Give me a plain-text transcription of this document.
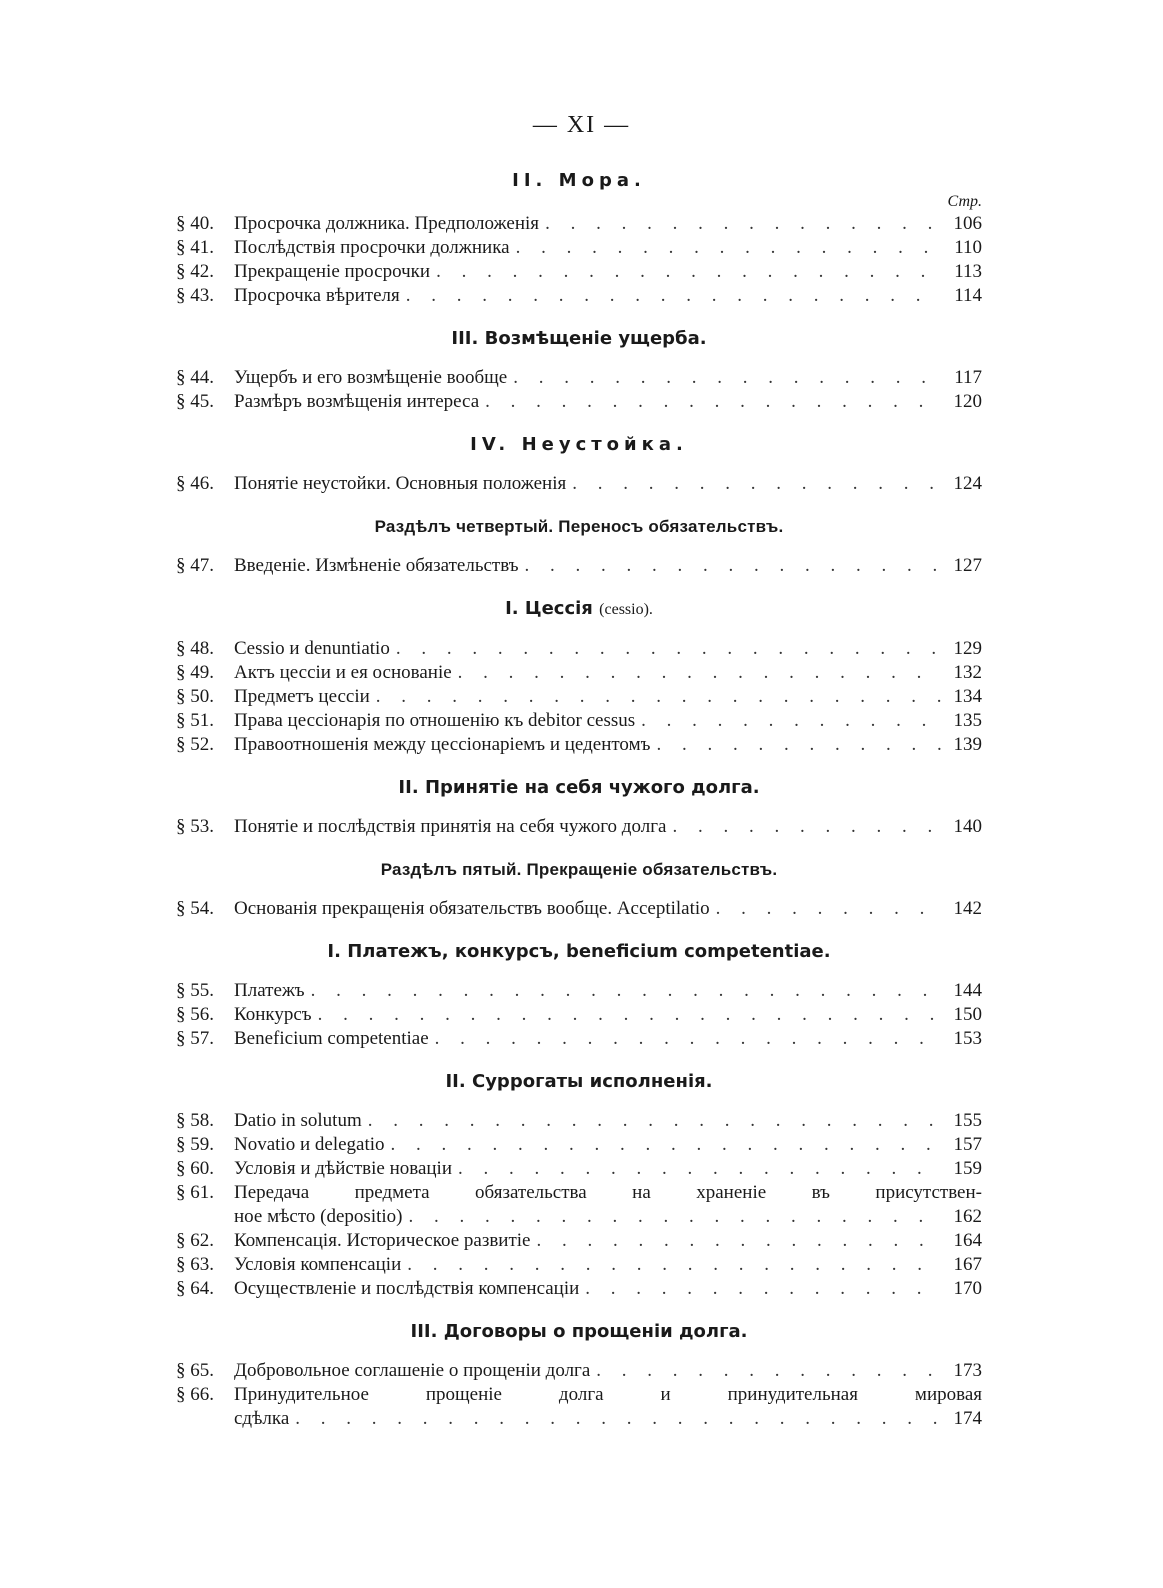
— XI —
II. Мора.
Стр.
§ 40.	Просрочка должника. Предположенія . . .	106
§ 41.	Послѣдствія просрочки должника . . .	110
§ 42.	Прекращеніе просрочки . . .	113
§ 43.	Просрочка вѣрителя . . .	114
III. Возмѣщеніе ущерба.
§ 44.	Ущербъ и его возмѣщеніе вообще . . .	117
§ 45.	Размѣръ возмѣщенія интереса . . .	120
IV. Неустойка.
§ 46.	Понятіе неустойки. Основныя положенія . . .	124
Раздѣлъ четвертый. Переносъ обязательствъ.
§ 47.	Введеніе. Измѣненіе обязательствъ . . .	127
I. Цессія (cessio).
§ 48.	Cessio и denuntiatio . . .	129
§ 49.	Актъ цессіи и ея основаніе . . .	132
§ 50.	Предметъ цессіи . . .	134
§ 51.	Права цессіонарія по отношенію къ debitor cessus . . .	135
§ 52.	Правоотношенія между цессіонаріемъ и цедентомъ . . .	139
II. Принятіе на себя чужого долга.
§ 53.	Понятіе и послѣдствія принятія на себя чужого долга . . .	140
Раздѣлъ пятый. Прекращеніе обязательствъ.
§ 54.	Основанія прекращенія обязательствъ вообще. Acceptilatio . . .	142
I. Платежъ, конкурсъ, beneficium competentiae.
§ 55.	Платежъ . . .	144
§ 56.	Конкурсъ . . .	150
§ 57.	Beneficium competentiae . . .	153
II. Суррогаты исполненія.
§ 58.	Datio in solutum . . .	155
§ 59.	Novatio и delegatio . . .	157
§ 60.	Условія и дѣйствіе новаціи . . .	159
§ 61.	Передача предмета обязательства на храненіе въ присутствен-
ное мѣсто (depositio) . . .	162
§ 62.	Компенсація. Историческое развитіе . . .	164
§ 63.	Условія компенсаціи . . .	167
§ 64.	Осуществленіе и послѣдствія компенсаціи . . .	170
III. Договоры о прощеніи долга.
§ 65.	Добровольное соглашеніе о прощеніи долга . . .	173
§ 66.	Принудительное прощеніе долга и принудительная мировая
сдѣлка . . .	174
